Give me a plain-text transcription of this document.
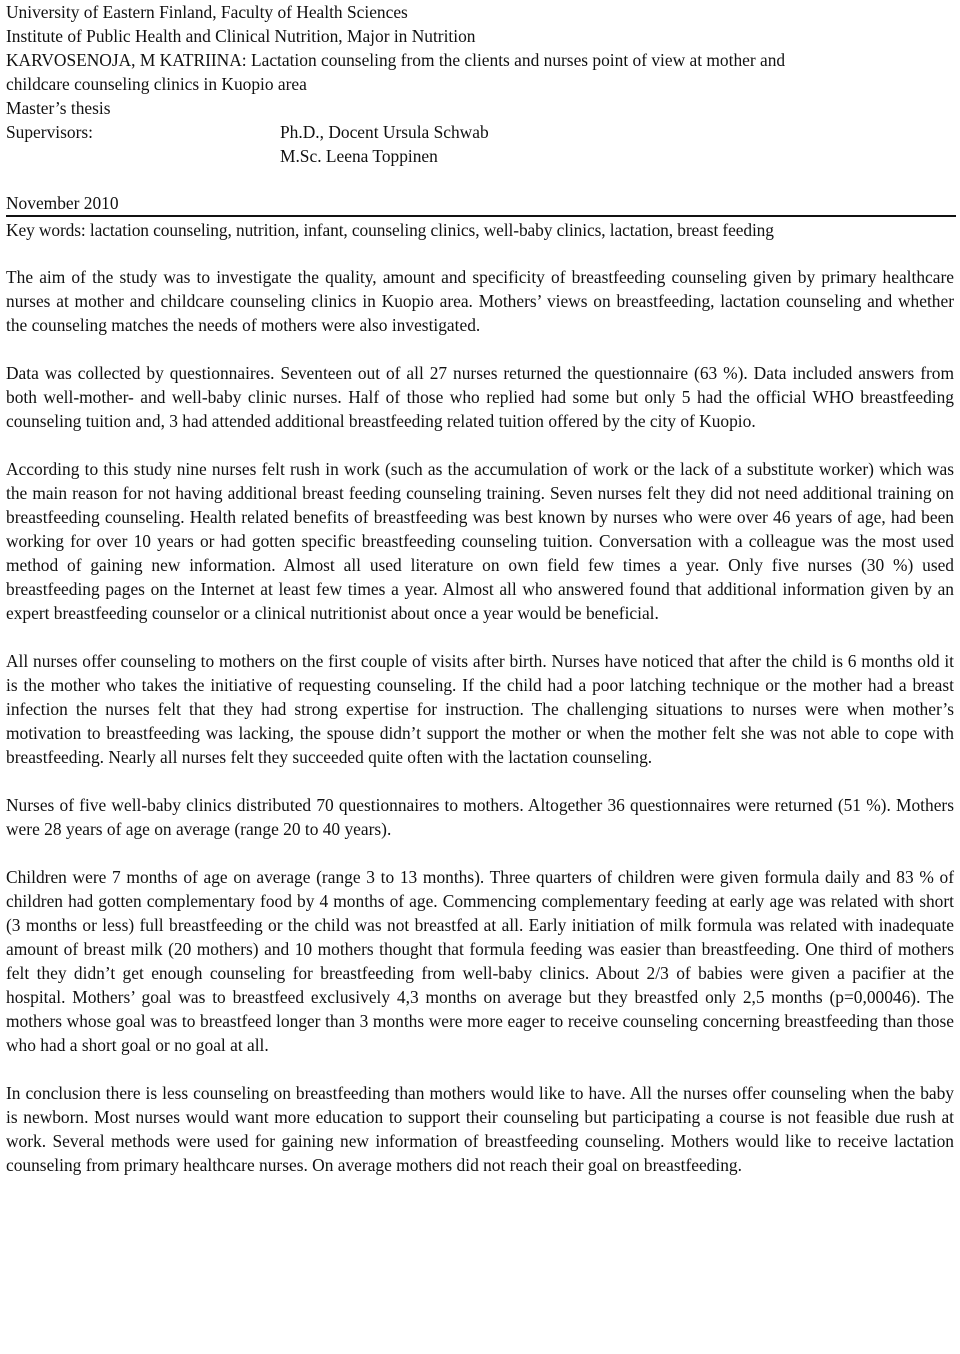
University of Eastern Finland, Faculty of Health Sciences
Institute of Public Health and Clinical Nutrition, Major in Nutrition
KARVOSENOJA, M KATRIINA: Lactation counseling from the clients and nurses point of view at mother and
childcare counseling clinics in Kuopio area
Master’s thesis
Supervisors:	Ph.D., Docent Ursula Schwab
M.Sc. Leena Toppinen
November 2010
Key words: lactation counseling, nutrition, infant, counseling clinics, well-baby clinics, lactation, breast feeding

The aim of the study was to investigate the quality, amount and specificity of breastfeeding counseling given by primary healthcare nurses at mother and childcare counseling clinics in Kuopio area. Mothers’ views on breastfeeding, lactation counseling and whether the counseling matches the needs of mothers were also investigated.

Data was collected by questionnaires. Seventeen out of all 27 nurses returned the questionnaire (63 %). Data included answers from both well-mother- and well-baby clinic nurses. Half of those who replied had some but only 5 had the official WHO breastfeeding counseling tuition and, 3 had attended additional breastfeeding related tuition offered by the city of Kuopio.

According to this study nine nurses felt rush in work (such as the accumulation of work or the lack of a substitute worker) which was the main reason for not having additional breast feeding counseling training. Seven nurses felt they did not need additional training on breastfeeding counseling. Health related benefits of breastfeeding was best known by nurses who were over 46 years of age, had been working for over 10 years or had gotten specific breastfeeding counseling tuition. Conversation with a colleague was the most used method of gaining new information. Almost all used literature on own field few times a year. Only five nurses (30 %) used breastfeeding pages on the Internet at least few times a year. Almost all who answered found that additional information given by an expert breastfeeding counselor or a clinical nutritionist about once a year would be beneficial.

All nurses offer counseling to mothers on the first couple of visits after birth. Nurses have noticed that after the child is 6 months old it is the mother who takes the initiative of requesting counseling. If the child had a poor latching technique or the mother had a breast infection the nurses felt that they had strong expertise for instruction. The challenging situations to nurses were when mother’s motivation to breastfeeding was lacking, the spouse didn’t support the mother or when the mother felt she was not able to cope with breastfeeding. Nearly all nurses felt they succeeded quite often with the lactation counseling.

Nurses of five well-baby clinics distributed 70 questionnaires to mothers. Altogether 36 questionnaires were returned (51 %). Mothers were 28 years of age on average (range 20 to 40 years).

Children were 7 months of age on average (range 3 to 13 months). Three quarters of children were given formula daily and 83 % of children had gotten complementary food by 4 months of age. Commencing complementary feeding at early age was related with short (3 months or less) full breastfeeding or the child was not breastfed at all. Early initiation of milk formula was related with inadequate amount of breast milk (20 mothers) and 10 mothers thought that formula feeding was easier than breastfeeding. One third of mothers felt they didn’t get enough counseling for breastfeeding from well-baby clinics. About 2/3 of babies were given a pacifier at the hospital. Mothers’ goal was to breastfeed exclusively 4,3 months on average but they breastfed only 2,5 months (p=0,00046). The mothers whose goal was to breastfeed longer than 3 months were more eager to receive counseling concerning breastfeeding than those who had a short goal or no goal at all.

In conclusion there is less counseling on breastfeeding than mothers would like to have. All the nurses offer counseling when the baby is newborn. Most nurses would want more education to support their counseling but participating a course is not feasible due rush at work. Several methods were used for gaining new information of breastfeeding counseling. Mothers would like to receive lactation counseling from primary healthcare nurses. On average mothers did not reach their goal on breastfeeding.
